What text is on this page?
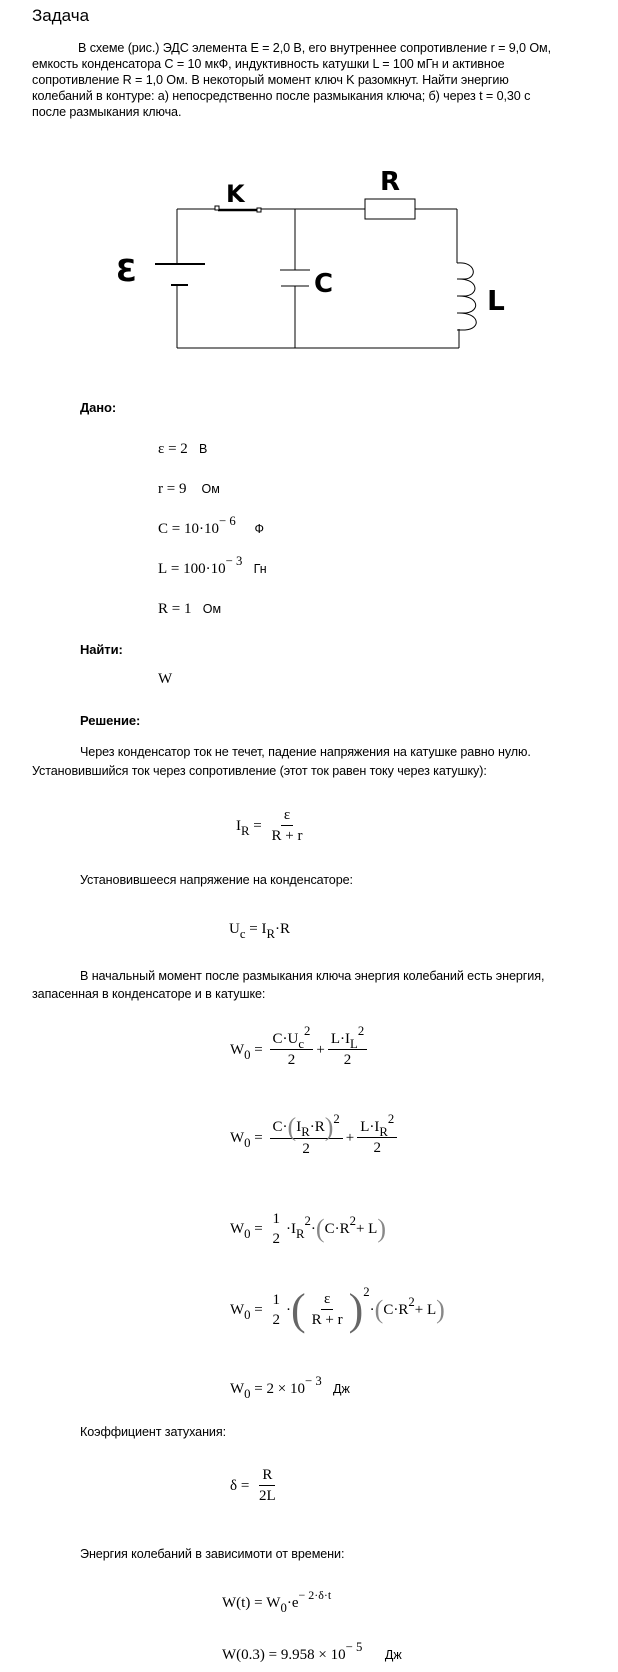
Задача
В схеме (рис.) ЭДС элемента E = 2,0 В, его внутреннее сопротивление r = 9,0 Ом,
емкость конденсатора C = 10 мкФ, индуктивность катушки L = 100 мГн и активное
сопротивление R = 1,0 Ом. В некоторый момент ключ K разомкнут. Найти энергию
колебаний в контуре: а) непосредственно после размыкания ключа; б) через t = 0,30 с
после размыкания ключа.
Ɛ
K
C
R
L
Дано:
ε = 2 В
r = 9 Ом
$C = 10\cdot 10^{- 6}$     Ф
$L = 100\cdot 10^{- 3}$   Гн
R = 1 Ом
Найти:
W
Решение:
Через конденсатор ток не течет, падение напряжения на катушке равно нулю.
Установившийся ток через сопротивление (этот ток равен току через катушку):
I $R = \frac{\varepsilon}{R + r}$
Установившееся напряжение на конденсаторе:
$U_c = I_R\cdot R$
В начальный момент после размыкания ключа энергия колебаний есть энергия,
запасенная в конденсаторе и в катушке:
W $0 = \frac{C\cdot U_c^2}{2} + \frac{L\cdot I_L^2}{2}$
W $0 = \frac{C\cdot(I_R\cdot R)^2}{2} + \frac{L\cdot I_R^2}{2}$
W 0 =
1
2
·I R
2 · ( C·R 2 + L )
W 0 =
1
2
· ( $\frac{\varepsilon}{R + r}$ ) 2
· ( C·R 2 + L )
$W_0 = 2 \times 10^{- 3}$   Дж
Коэффициент затухания:
$\delta = \frac{R}{2L}$
Энергия колебаний в зависимоти от времени:
$W(t) = W_0\cdot e^{- 2\cdot\delta\cdot t}$
$W(0.3) = 9.958 \times 10^{- 5}$      Дж
